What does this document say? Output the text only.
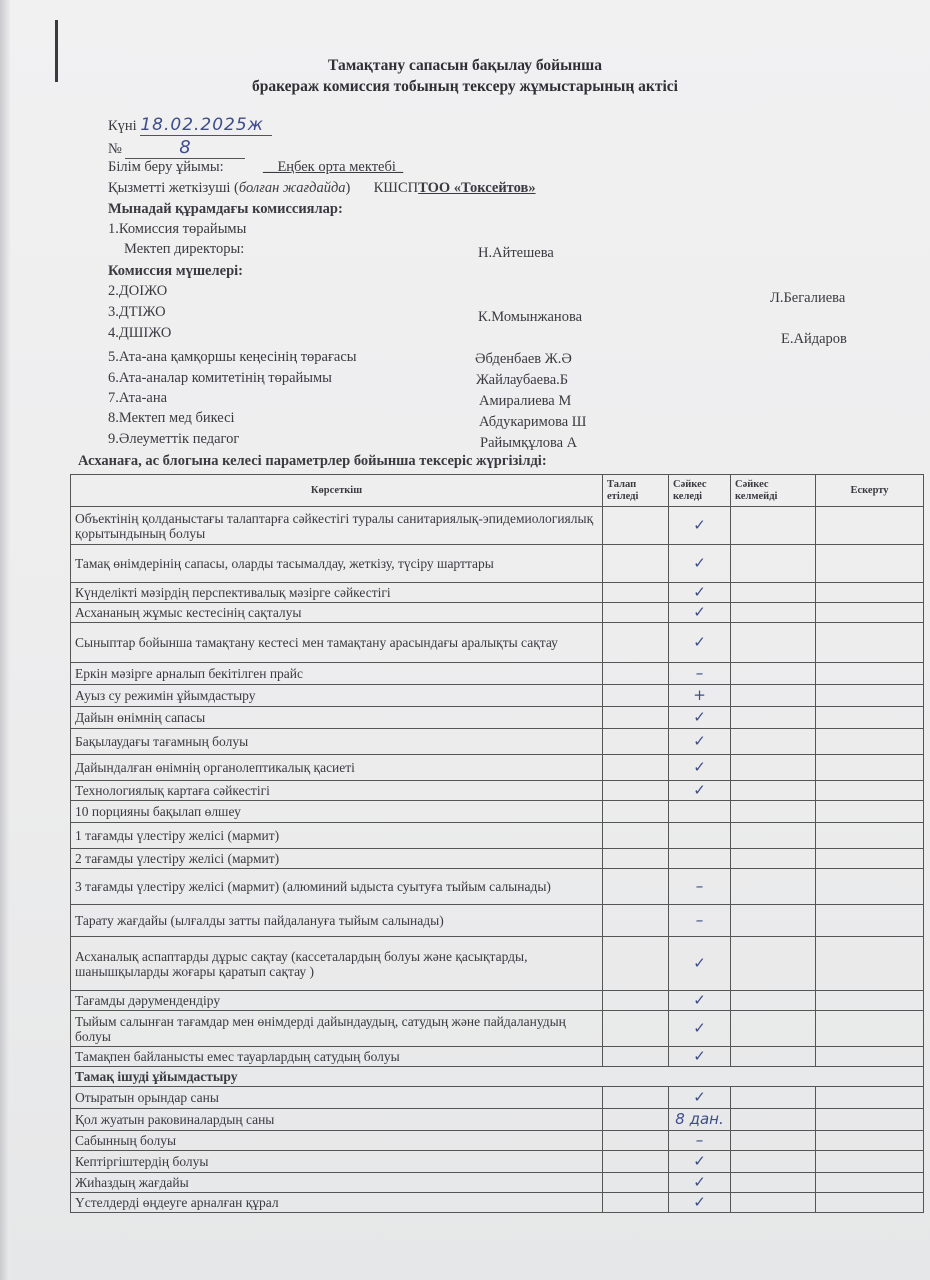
Тамақтану сапасын бақылау бойынша
бракераж комиссия тобының тексеру жұмыстарының актісі
Күні 18.02.2025ж
№	8
Білім беру ұйымы:	__Еңбек орта мектебі_
Қызметті жеткізуші (болған жағдайда) КШСПТОО «Токсейтов»
Мынадай құрамдағы комиссиялар:
1.Комиссия төрайымы
Мектеп директоры:	Н.Айтешева
Комиссия мүшелері:
2.ДОІЖО	Л.Бегалиева
3.ДТІЖО	К.Момынжанова
4.ДШІЖО	Е.Айдаров
5.Ата-ана қамқоршы кеңесінің төрағасы	Әбденбаев Ж.Ә
6.Ата-аналар комитетінің төрайымы	Жайлаубаева.Б
7.Ата-ана	Амиралиева М
8.Мектеп мед бикесі	Абдукаримова Ш
9.Әлеуметтік педагог	Райымқұлова А
Асханаға, ас блогына келесі параметрлер бойынша тексеріс жүргізілді:
Көрсеткіш	Талап етіледі	Сәйкес келеді	Сәйкес келмейді	Ескерту
Объектінің қолданыстағы талаптарға сәйкестігі туралы санитариялық-эпидемиологиялық қорытындының болуы		✓		
Тамақ өнімдерінің сапасы, оларды тасымалдау, жеткізу, түсіру шарттары		✓		
Күнделікті мәзірдің перспективалық мәзірге сәйкестігі		✓		
Асхананың жұмыс кестесінің сақталуы		✓		
Сыныптар бойынша тамақтану кестесі мен тамақтану арасындағы аралықты сақтау		✓		
Еркін мәзірге арналып бекітілген прайс		–		
Ауыз су режимін ұйымдастыру		+		
Дайын өнімнің сапасы		✓		
Бақылаудағы тағамның болуы		✓		
Дайындалған өнімнің органолептикалық қасиеті		✓		
Технологиялық картаға сәйкестігі		✓		
10 порцияны бақылап өлшеу				
1 тағамды үлестіру желісі (мармит)				
2 тағамды үлестіру желісі (мармит)				
3 тағамды үлестіру желісі (мармит) (алюминий ыдыста суытуға тыйым салынады)		–		
Тарату жағдайы (ылғалды затты пайдалануға тыйым салынады)		–		
Асханалық аспаптарды дұрыс сақтау (кассеталардың болуы және қасықтарды, шанышқыларды жоғары қаратып сақтау )		✓		
Тағамды дәрумендендіру		✓		
Тыйым салынған тағамдар мен өнімдерді дайындаудың, сатудың және пайдаланудың болуы		✓		
Тамақпен байланысты емес тауарлардың сатудың болуы		✓		
Тамақ ішуді ұйымдастыру				
Отыратын орындар саны		✓		
Қол жуатын раковиналардың саны		8 дан.		
Сабынның болуы		–		
Кептіргіштердің болуы		✓		
Жиһаздың жағдайы		✓		
Үстелдерді өңдеуге арналған құрал		✓		
